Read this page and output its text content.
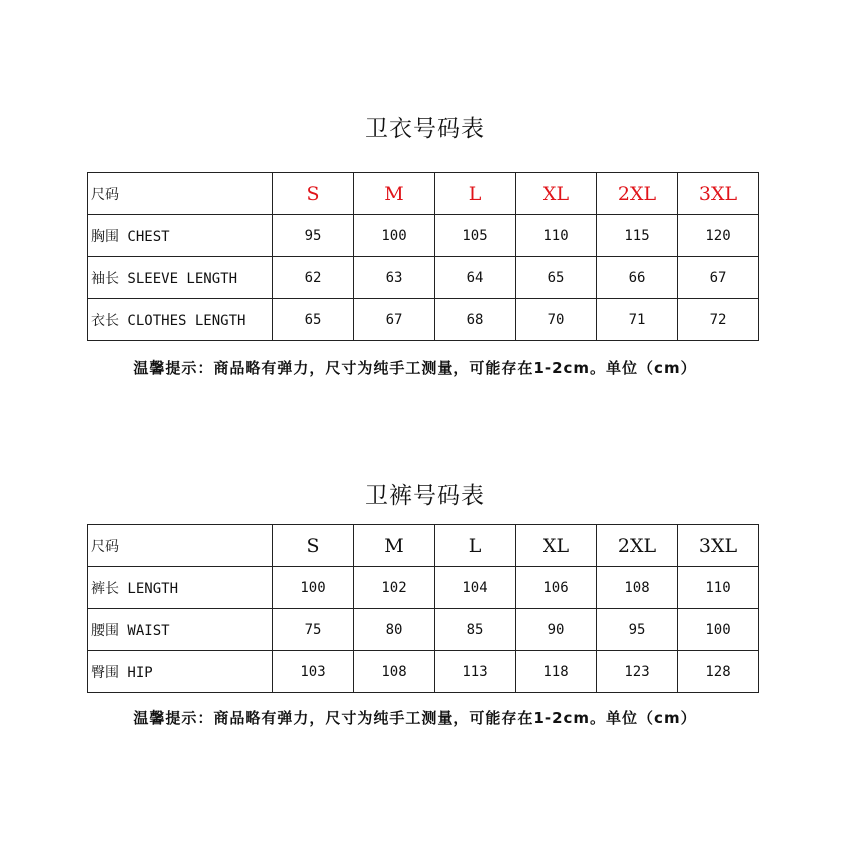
卫衣号码表
尺码	S	M	L	XL	2XL	3XL
胸围 CHEST	95	100	105	110	115	120
袖长 SLEEVE LENGTH	62	63	64	65	66	67
衣长 CLOTHES LENGTH	65	67	68	70	71	72
温馨提示：商品略有弹力，尺寸为纯手工测量，可能存在1-2cm。单位（cm）
卫裤号码表
尺码	S	M	L	XL	2XL	3XL
裤长 LENGTH	100	102	104	106	108	110
腰围 WAIST	75	80	85	90	95	100
臀围 HIP	103	108	113	118	123	128
温馨提示：商品略有弹力，尺寸为纯手工测量，可能存在1-2cm。单位（cm）
